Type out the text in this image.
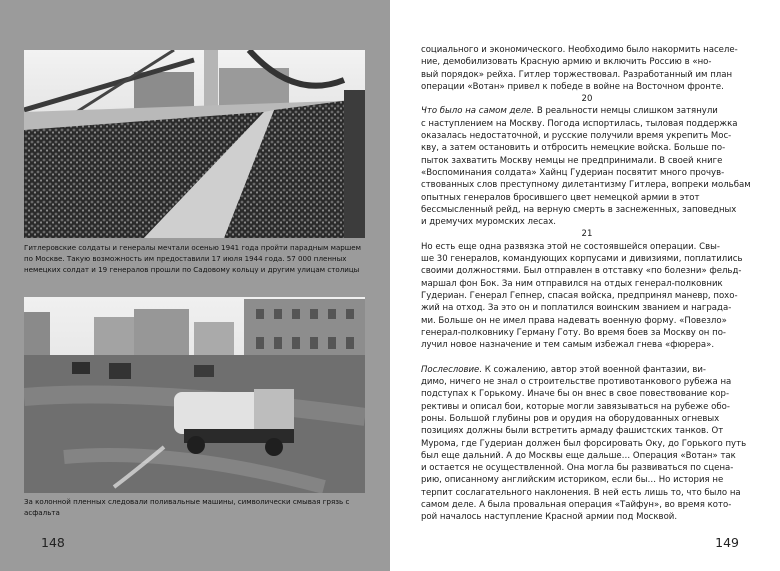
Гитлеровские солдаты и генералы мечтали осенью 1941 года пройти парадным маршем по Москве. Такую возможность им предоставили 17 июля 1944 года. 57 000 пленных немецких солдат и 19 генералов прошли по Садовому кольцу и другим улицам столицы
За колонной пленных следовали поливальные машины, символически смывая грязь с асфальта
148
социального и экономического. Необходимо было накормить населе-
ние, демобилизовать Красную армию и включить Россию в «но-
вый порядок» рейха. Гитлер торжествовал. Разработанный им план
операции «Вотан» привел к победе в войне на Восточном фронте.
20
Что было на самом деле. В реальности немцы слишком затянули
с наступлением на Москву. Погода испортилась, тыловая поддержка
оказалась недостаточной, и русские получили время укрепить Мос-
кву, а затем остановить и отбросить немецкие войска. Больше по-
пыток захватить Москву немцы не предпринимали. В своей книге
«Воспоминания солдата» Хайнц Гудериан посвятит много прочув-
ствованных слов преступному дилетантизму Гитлера, вопреки мольбам
опытных генералов бросившего цвет немецкой армии в этот
бессмысленный рейд, на верную смерть в заснеженных, заповедных
и дремучих муромских лесах.
21
Но есть еще одна развязка этой не состоявшейся операции. Свы-
ше 30 генералов, командующих корпусами и дивизиями, поплатились
своими должностями. Был отправлен в отставку «по болезни» фельд-
маршал фон Бок. За ним отправился на отдых генерал-полковник
Гудериан. Генерал Гепнер, спасая войска, предпринял маневр, похо-
жий на отход. За это он и поплатился воинским званием и награда-
ми. Больше он не имел права надевать военную форму. «Повезло»
генерал-полковнику Герману Готу. Во время боев за Москву он по-
лучил новое назначение и тем самым избежал гнева «фюрера».
Послесловие. К сожалению, автор этой военной фантазии, ви-
димо, ничего не знал о строительстве противотанкового рубежа на
подступах к Горькому. Иначе бы он внес в свое повествование кор-
рективы и описал бои, которые могли завязываться на рубеже обо-
роны. Большой глубины ров и орудия на оборудованных огневых
позициях должны были встретить армаду фашистских танков. От
Мурома, где Гудериан должен был форсировать Оку, до Горького путь
был еще дальний. А до Москвы еще дальше… Операция «Вотан» так
и остается не осуществленной. Она могла бы развиваться по сцена-
рию, описанному английским историком, если бы… Но история не
терпит сослагательного наклонения. В ней есть лишь то, что было на
самом деле. А была провальная операция «Тайфун», во время кото-
рой началось наступление Красной армии под Москвой.
149
